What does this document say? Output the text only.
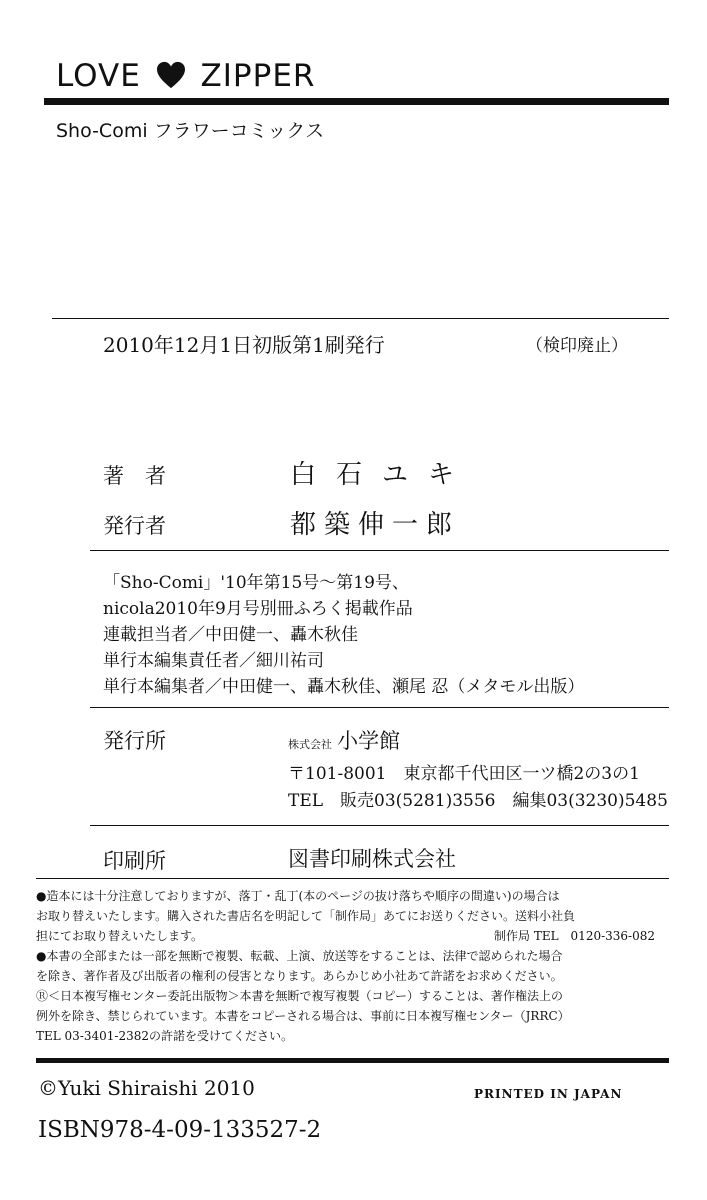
LOVE ZIPPER
Sho-Comi フラワーコミックス
2010年12月1日初版第1刷発行	（検印廃止）
著　者	白石ユキ
発行者	都築伸一郎
「Sho-Comi」'10年第15号～第19号、
nicola2010年9月号別冊ふろく掲載作品
連載担当者／中田健一、轟木秋佳
単行本編集責任者／細川祐司
単行本編集者／中田健一、轟木秋佳、瀬尾 忍（メタモル出版）
発行所	株式会社 小学館
〒101-8001　東京都千代田区一ツ橋2の3の1
TEL　販売03(5281)3556　編集03(3230)5485
印刷所	図書印刷株式会社
●造本には十分注意しておりますが、落丁・乱丁(本のページの抜け落ちや順序の間違い)の場合は
お取り替えいたします。購入された書店名を明記して「制作局」あてにお送りください。送料小社負
担にてお取り替えいたします。	制作局 TEL　0120-336-082
●本書の全部または一部を無断で複製、転載、上演、放送等をすることは、法律で認められた場合
を除き、著作者及び出版者の権利の侵害となります。あらかじめ小社あて許諾をお求めください。
Ⓡ＜日本複写権センター委託出版物＞本書を無断で複写複製（コピー）することは、著作権法上の
例外を除き、禁じられています。本書をコピーされる場合は、事前に日本複写権センター（JRRC）
TEL 03-3401-2382の許諾を受けてください。
©Yuki Shiraishi 2010	PRINTED IN JAPAN
ISBN978-4-09-133527-2
